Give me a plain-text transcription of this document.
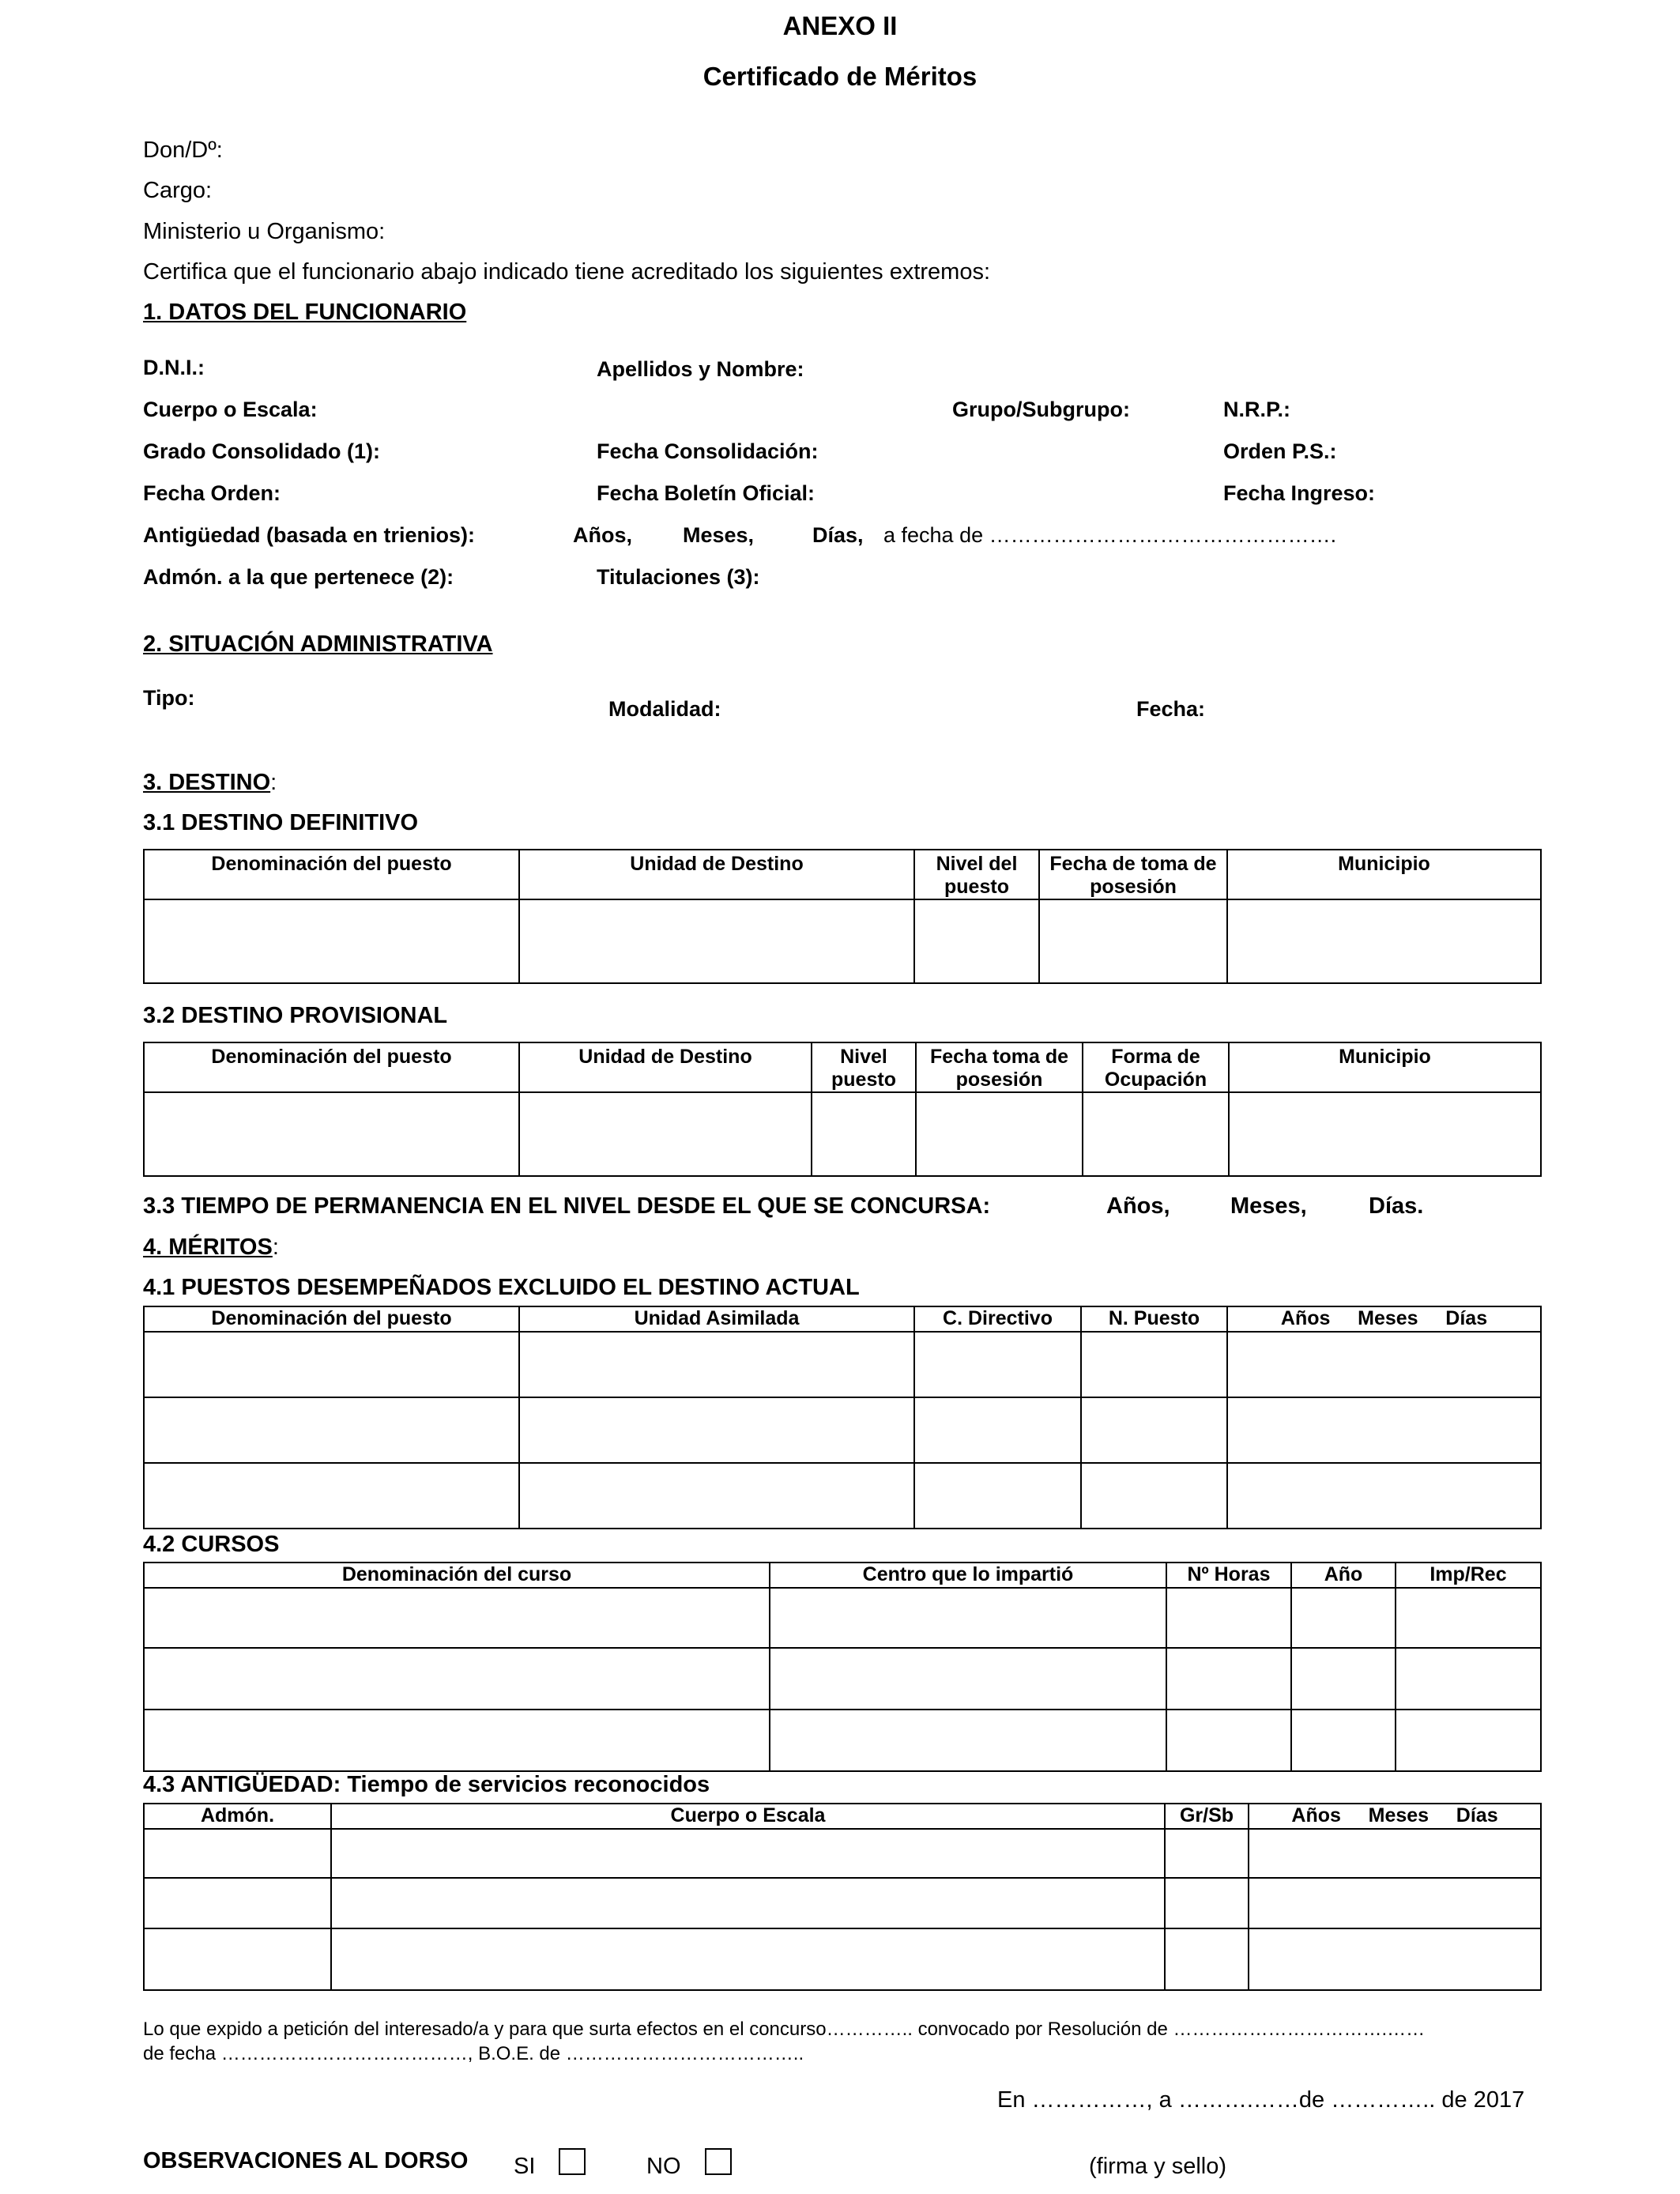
ANEXO II
Certificado de Méritos
Don/Dº:
Cargo:
Ministerio u Organismo:
Certifica que el funcionario abajo indicado tiene acreditado los siguientes extremos:
1. DATOS DEL FUNCIONARIO
D.N.I.:	Apellidos y Nombre:
Cuerpo o Escala:	Grupo/Subgrupo:	N.R.P.:
Grado Consolidado (1):	Fecha Consolidación:	Orden P.S.:
Fecha Orden:	Fecha Boletín Oficial:	Fecha Ingreso:
Antigüedad (basada en trienios):	Años, Meses,	Días, a fecha de ………………………………………….
Admón. a la que pertenece (2):	Titulaciones (3):
2. SITUACIÓN ADMINISTRATIVA
Tipo:	Modalidad:	Fecha:
3. DESTINO:
3.1 DESTINO DEFINITIVO
Denominación del puesto	Unidad de Destino	Nivel del puesto	Fecha de toma de posesión	Municipio

3.2 DESTINO PROVISIONAL
Denominación del puesto	Unidad de Destino	Nivel puesto	Fecha toma de posesión	Forma de Ocupación	Municipio

3.3 TIEMPO DE PERMANENCIA EN EL NIVEL DESDE EL QUE SE CONCURSA:	Años,	Meses,	Días.
4. MÉRITOS:
4.1 PUESTOS DESEMPEÑADOS EXCLUIDO EL DESTINO ACTUAL
Denominación del puesto	Unidad Asimilada	C. Directivo	N. Puesto	Años     Meses     Días

4.2 CURSOS
Denominación del curso	Centro que lo impartió	Nº Horas	Año	Imp/Rec

4.3 ANTIGÜEDAD: Tiempo de servicios reconocidos
Admón.	Cuerpo o Escala	Gr/Sb	Años     Meses     Días

Lo que expido a petición del interesado/a y para que surta efectos en el concurso………….. convocado por Resolución de …………………………….……
de fecha …………………………………, B.O.E. de ………………………………..
En ……………, a ……….……de ………….. de 2017
OBSERVACIONES AL DORSO SI	NO	(firma y sello)
